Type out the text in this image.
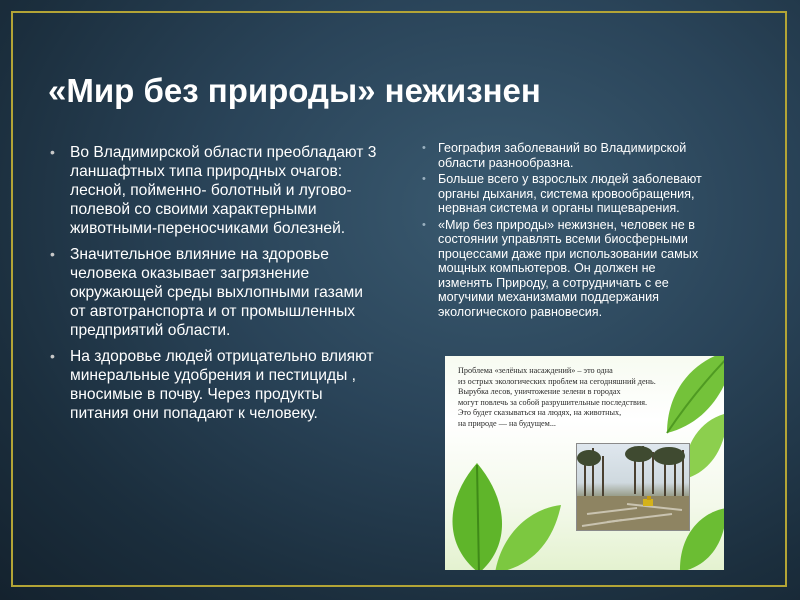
«Мир без природы» нежизнен
• Во Владимирской области преобладают 3 ланшафтных типа природных очагов: лесной, пойменно- болотный и лугово-полевой со своими характерными животными-переносчиками болезней.
• Значительное влияние на здоровье человека оказывает загрязнение окружающей среды выхлопными газами от автотранспорта и от промышленных предприятий области.
• На здоровье людей отрицательно влияют минеральные удобрения и пестициды , вносимые в почву. Через продукты питания они попадают к человеку.
• География заболеваний во Владимирской области разнообразна.
• Больше всего у взрослых людей заболевают органы дыхания, система кровообращения, нервная система и органы пищеварения.
• «Мир без природы» нежизнен, человек не в состоянии управлять всеми биосферными процессами даже при использовании самых мощных компьютеров. Он должен не изменять Природу, а сотрудничать с ее могучими механизмами поддержания экологического равновесия.
Проблема «зелёных насаждений» – это одна
из острых экологических проблем на сегодняшний день.
Вырубка лесов, уничтожение зелени в городах
могут повлечь за собой разрушительные последствия.
Это будет сказываться на людях, на животных,
на природе — на будущем...
